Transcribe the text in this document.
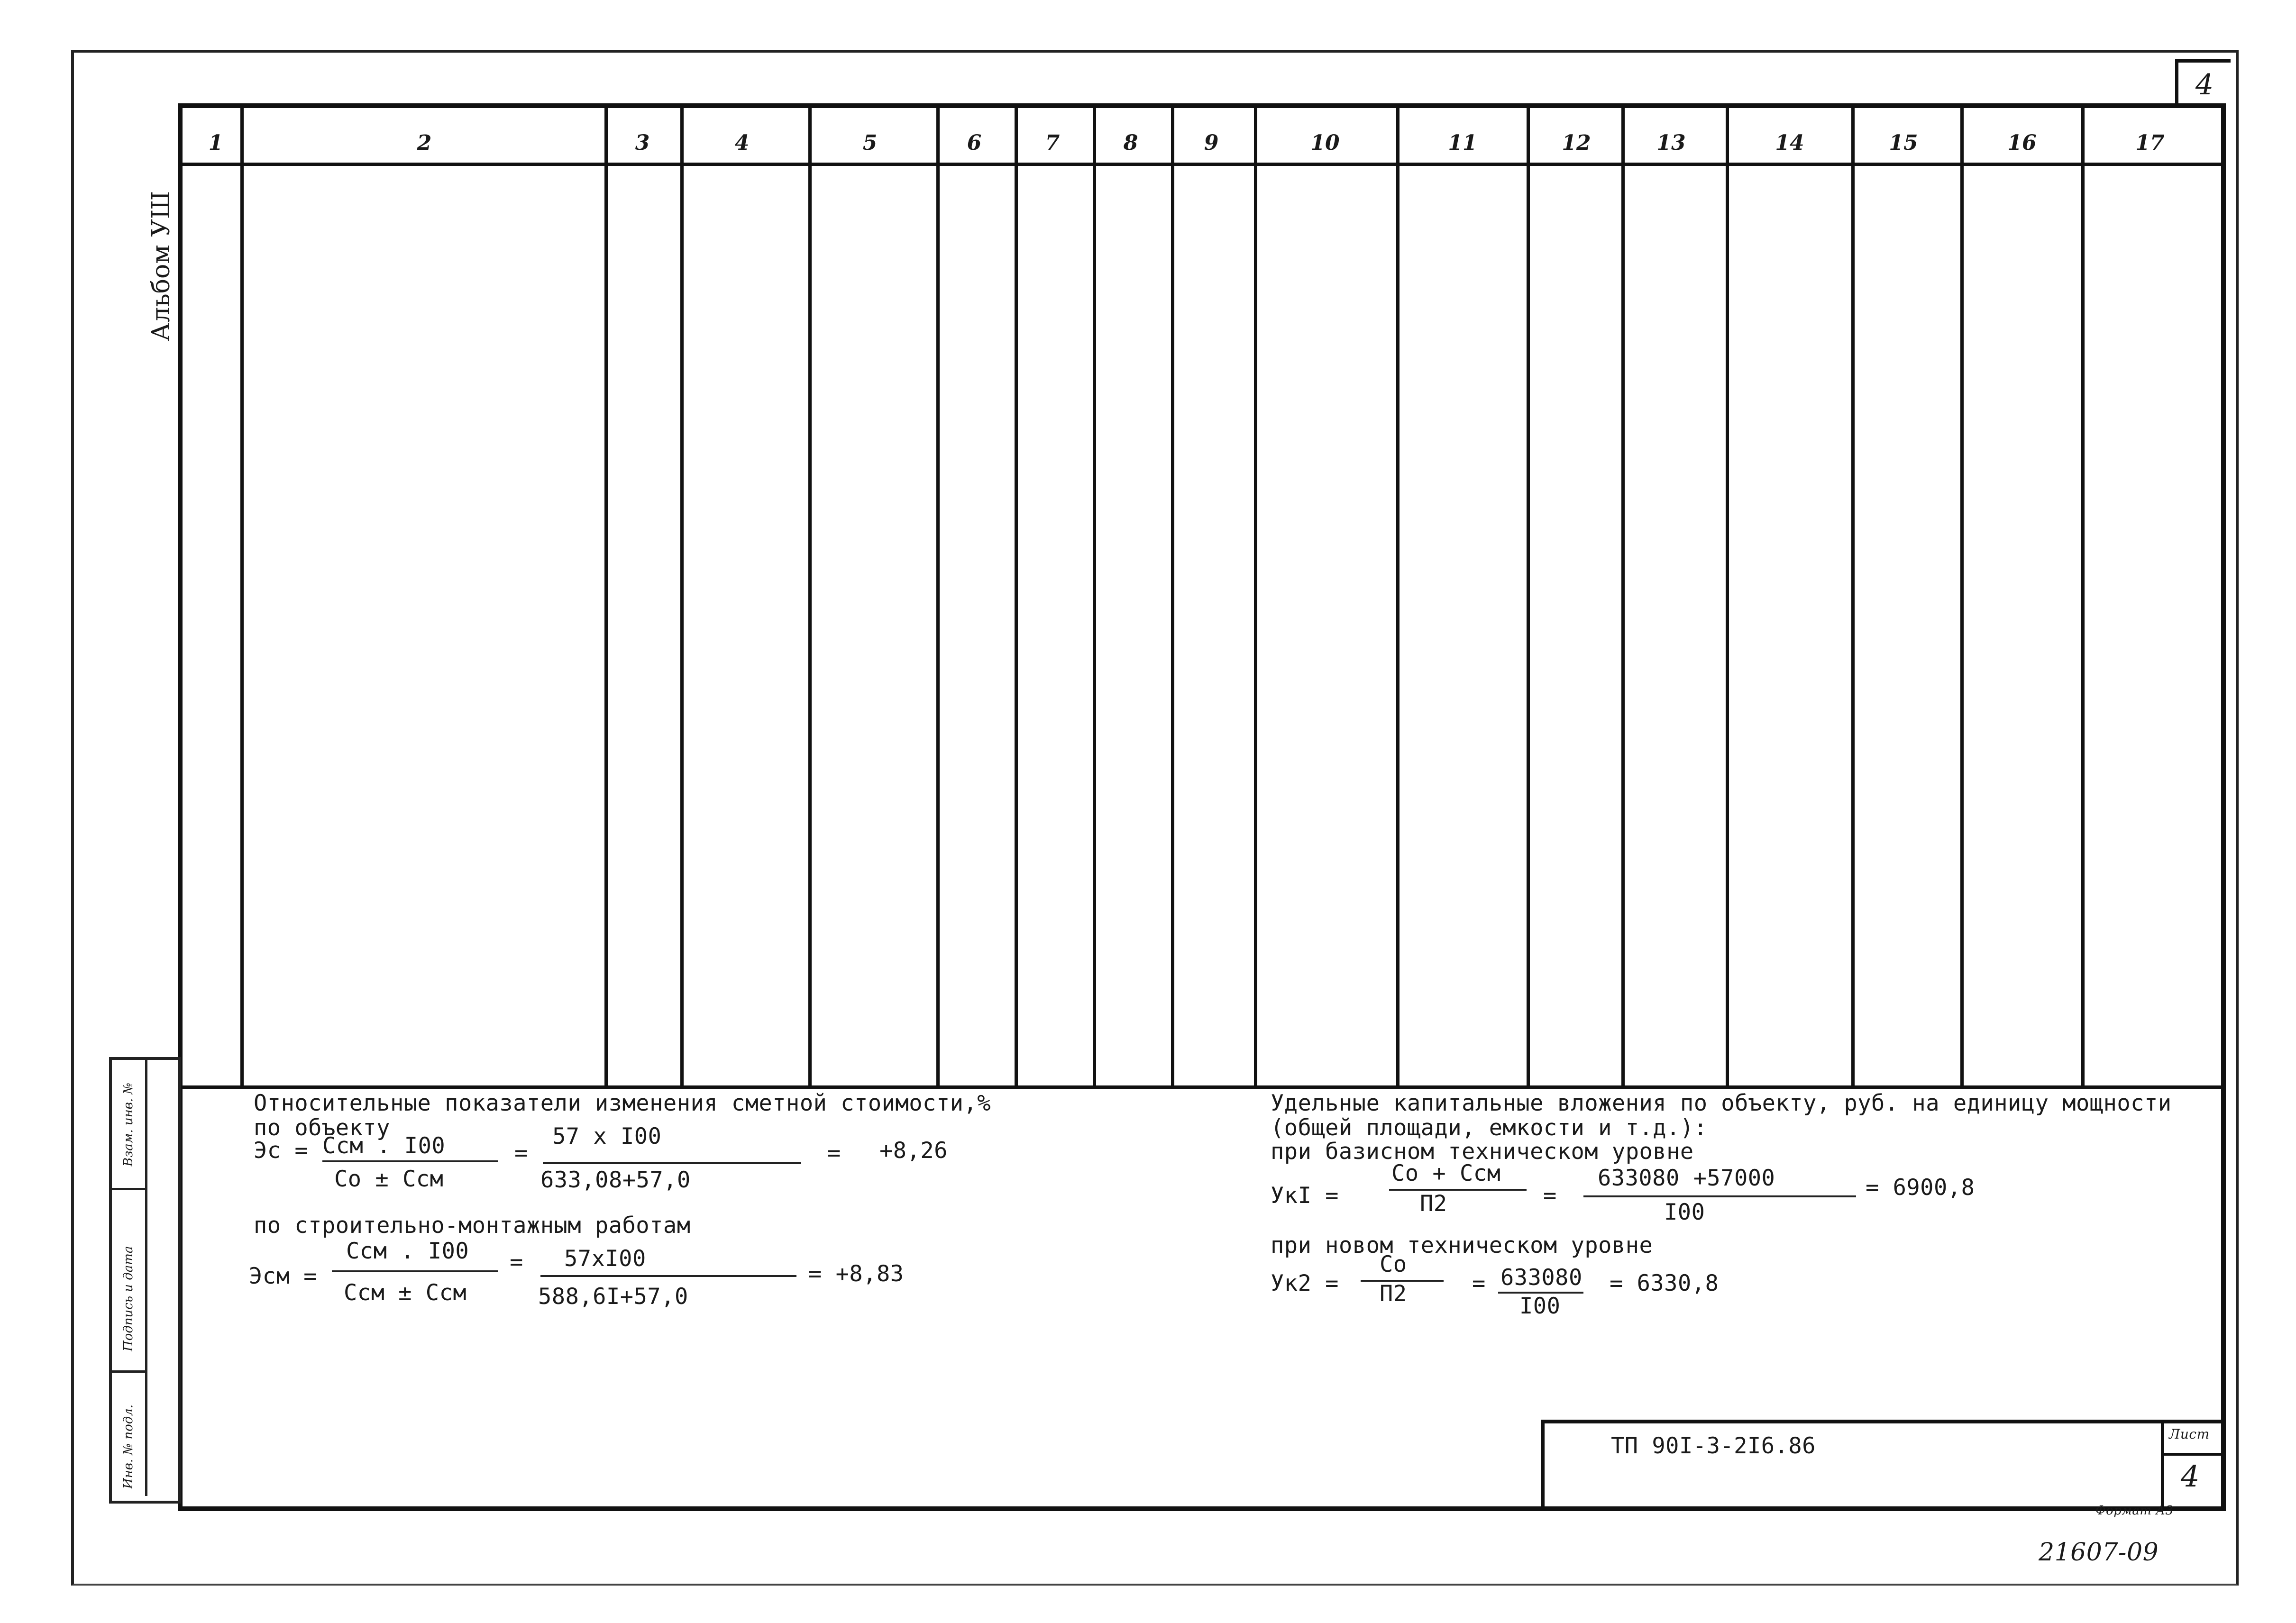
4
Альбом УШ
1	2	3	4	5	6	7	8	9	10	11	12	13	14	15	16	17
ТП 90I-3-2I6.86	Лист
4
Взам. инв. №
Подпись и дата
Инв. № подл.
Относительные показатели изменения сметной стоимости,%
по объекту
Эс = Ссм . I00
Со ± Ссм
=
57 х I00
633,08+57,0
= +8,26
по строительно-монтажным работам
Эсм =
Ссм . I00
Ссм ± Ссм
= 57хI00
588,6I+57,0
= +8,83
Удельные капитальные вложения по объекту, руб. на единицу мощности
(общей площади, емкости и т.д.):
при базисном техническом уровне
УкI =
Со + Ссм
П2	=
633080 +57000
I00
= 6900,8
при новом техническом уровне
Ук2 =
Со
П2	= 633080
I00
= 6330,8
Формат А3
21607-09
